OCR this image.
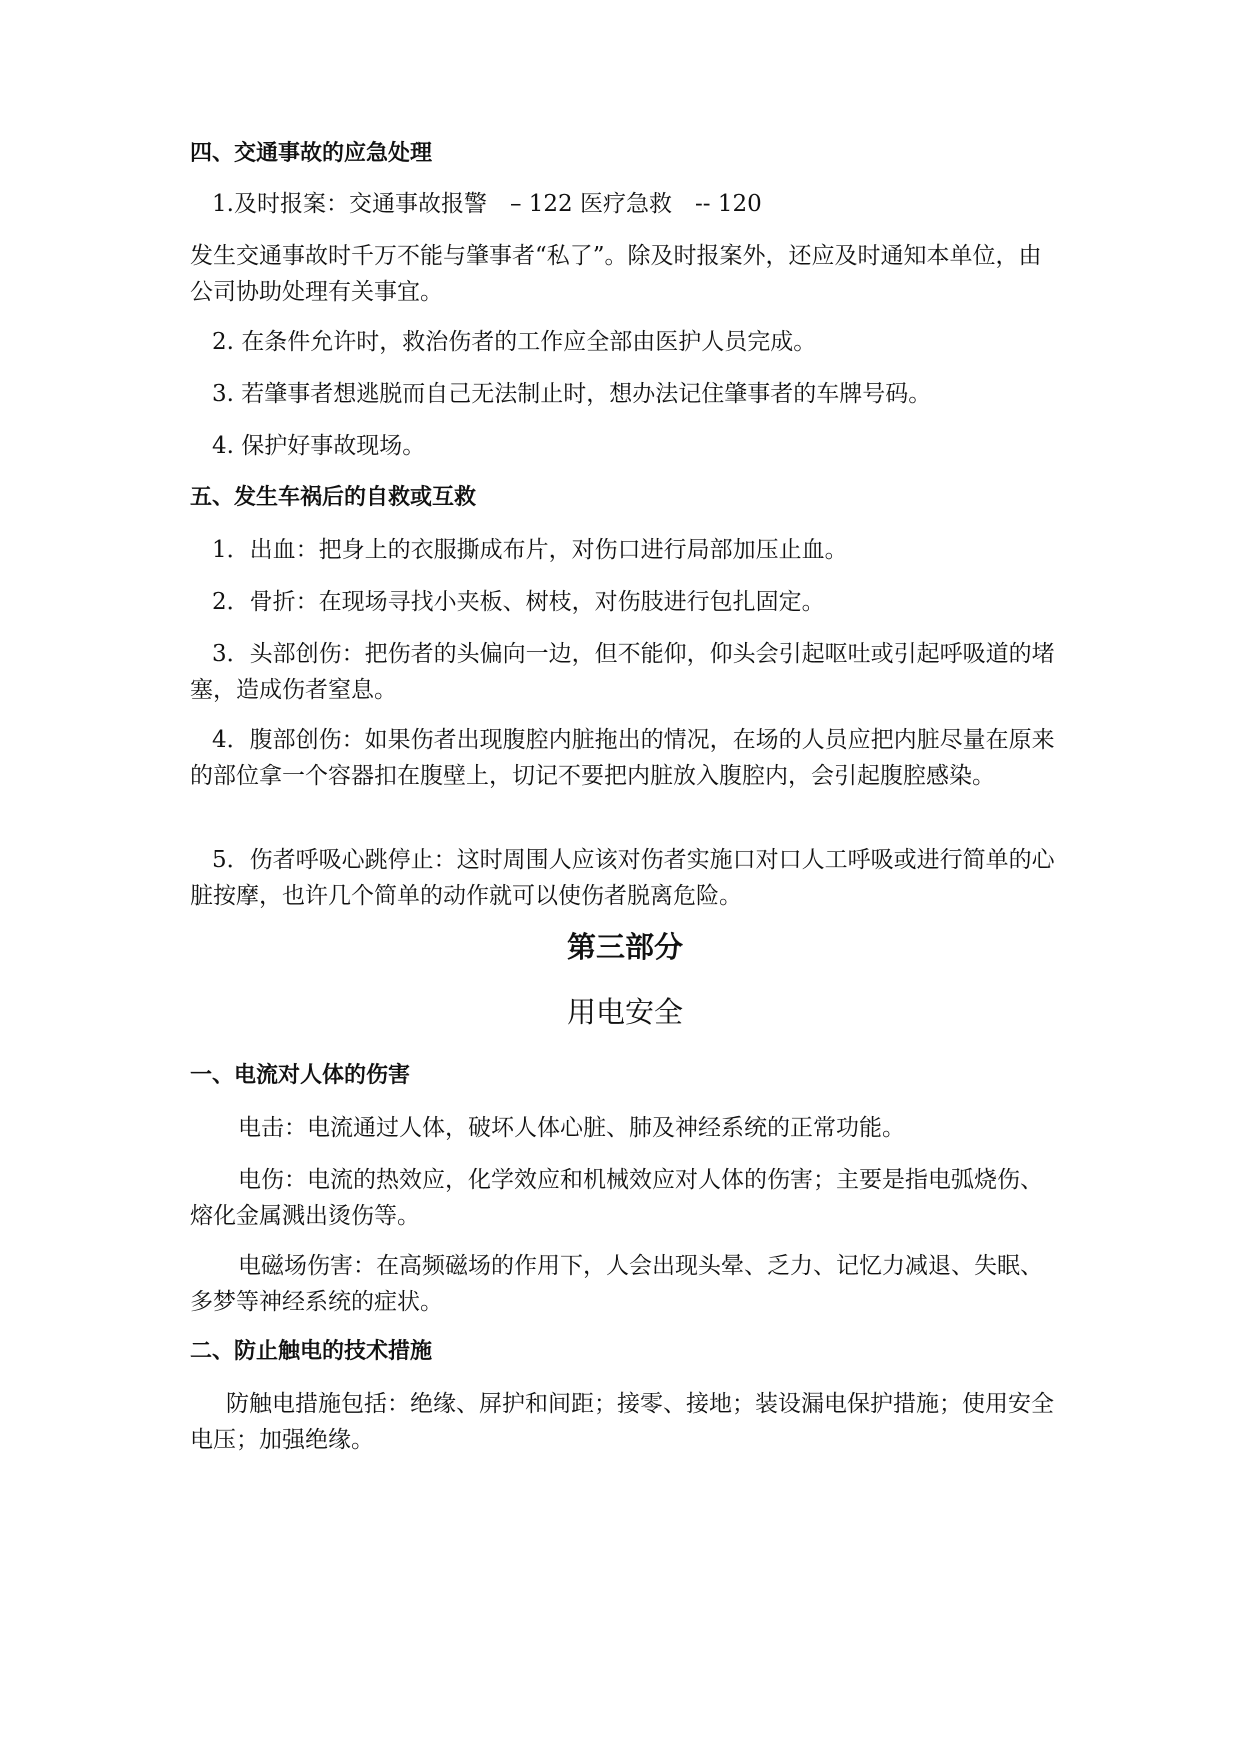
四、交通事故的应急处理

1.及时报案：交通事故报警　– 122 医疗急救　-- 120

发生交通事故时千万不能与肇事者“私了”。除及时报案外，还应及时通知本单位，由公司协助处理有关事宜。

2. 在条件允许时，救治伤者的工作应全部由医护人员完成。

3. 若肇事者想逃脱而自己无法制止时，想办法记住肇事者的车牌号码。

4. 保护好事故现场。

五、发生车祸后的自救或互救

1．出血：把身上的衣服撕成布片，对伤口进行局部加压止血。

2．骨折：在现场寻找小夹板、树枝，对伤肢进行包扎固定。

3．头部创伤：把伤者的头偏向一边，但不能仰，仰头会引起呕吐或引起呼吸道的堵塞，造成伤者窒息。

4．腹部创伤：如果伤者出现腹腔内脏拖出的情况，在场的人员应把内脏尽量在原来的部位拿一个容器扣在腹壁上，切记不要把内脏放入腹腔内，会引起腹腔感染。

5．伤者呼吸心跳停止：这时周围人应该对伤者实施口对口人工呼吸或进行简单的心脏按摩，也许几个简单的动作就可以使伤者脱离危险。

第三部分

用电安全

一、电流对人体的伤害

电击：电流通过人体，破坏人体心脏、肺及神经系统的正常功能。

电伤：电流的热效应，化学效应和机械效应对人体的伤害；主要是指电弧烧伤、熔化金属溅出烫伤等。

电磁场伤害：在高频磁场的作用下，人会出现头晕、乏力、记忆力减退、失眠、多梦等神经系统的症状。

二、防止触电的技术措施

防触电措施包括：绝缘、屏护和间距；接零、接地；装设漏电保护措施；使用安全电压；加强绝缘。
